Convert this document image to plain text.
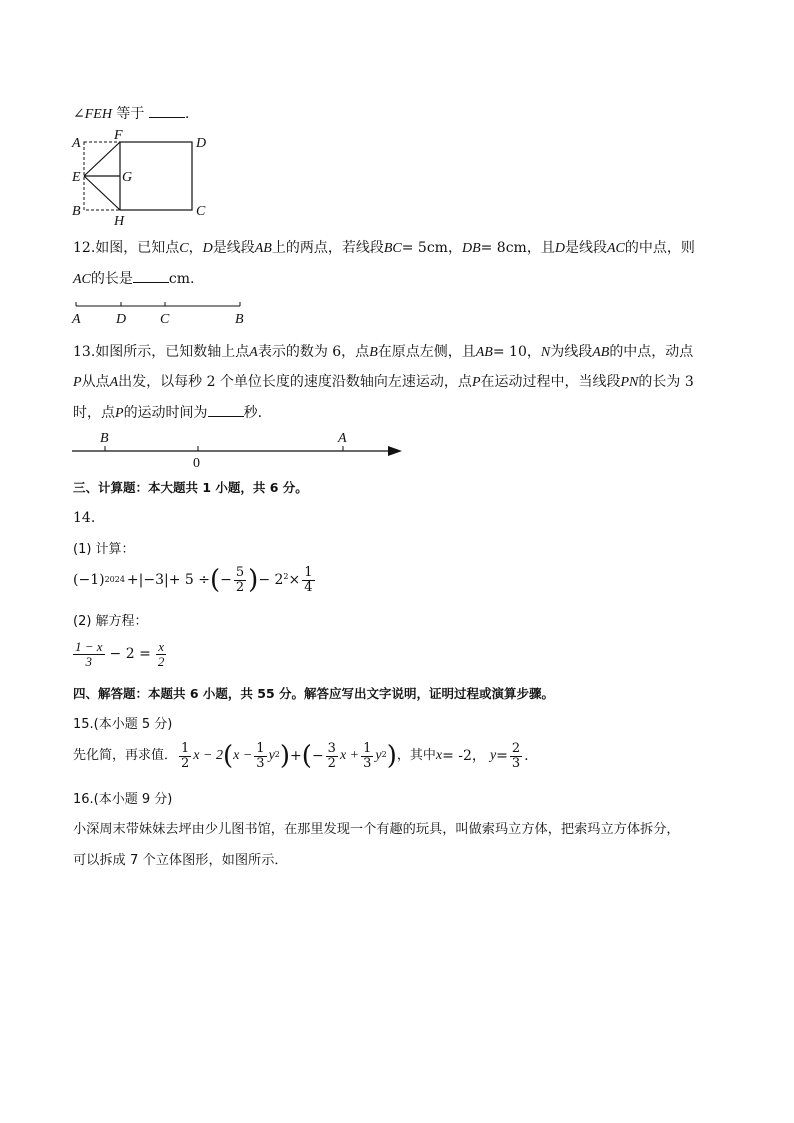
∠FEH 等于	.
A
F
D
E	G
B
H
C
12.如图，已知点C，D是线段AB上的两点，若线段BC= 5cm，DB= 8cm，且D是线段AC的中点，则
AC的长是	cm.
A	D C	B
13.如图所示，已知数轴上点A表示的数为 6，点B在原点左侧，且AB= 10，N为线段AB的中点，动点
P从点A出发，以每秒 2 个单位长度的速度沿数轴向左速运动，点P在运动过程中，当线段PN的长为 3
时，点P的运动时间为	秒.
B	A
0
三、计算题：本大题共 1 小题，共 6 分。
14.
(1) 计算：
(−1) 2024 +|−3|+ 5 ÷ ( − $\frac{5}{2}$ ) − $2^2 \times \frac{1}{4}$
(2) 解方程：
$\frac{1 - x}{3} - 2 = \frac{x}{2}$
四、解答题：本题共 6 小题，共 55 分。解答应写出文字说明，证明过程或演算步骤。
15.(本小题 5 分)
先化简，再求值． $\frac{1}{2}$ x − 2 ( $x - \frac{1}{3}$ y 2 ) + ( − $\frac{3}{2}$ $x + \frac{1}{3}$ y 2 ) ，其中 x = -2， $y = \frac{2}{3}$ .
16.(本小题 9 分)
小深周末带妹妹去坪由少儿图书馆，在那里发现一个有趣的玩具，叫做索玛立方体，把索玛立方体拆分，
可以拆成 7 个立体图形，如图所示．
